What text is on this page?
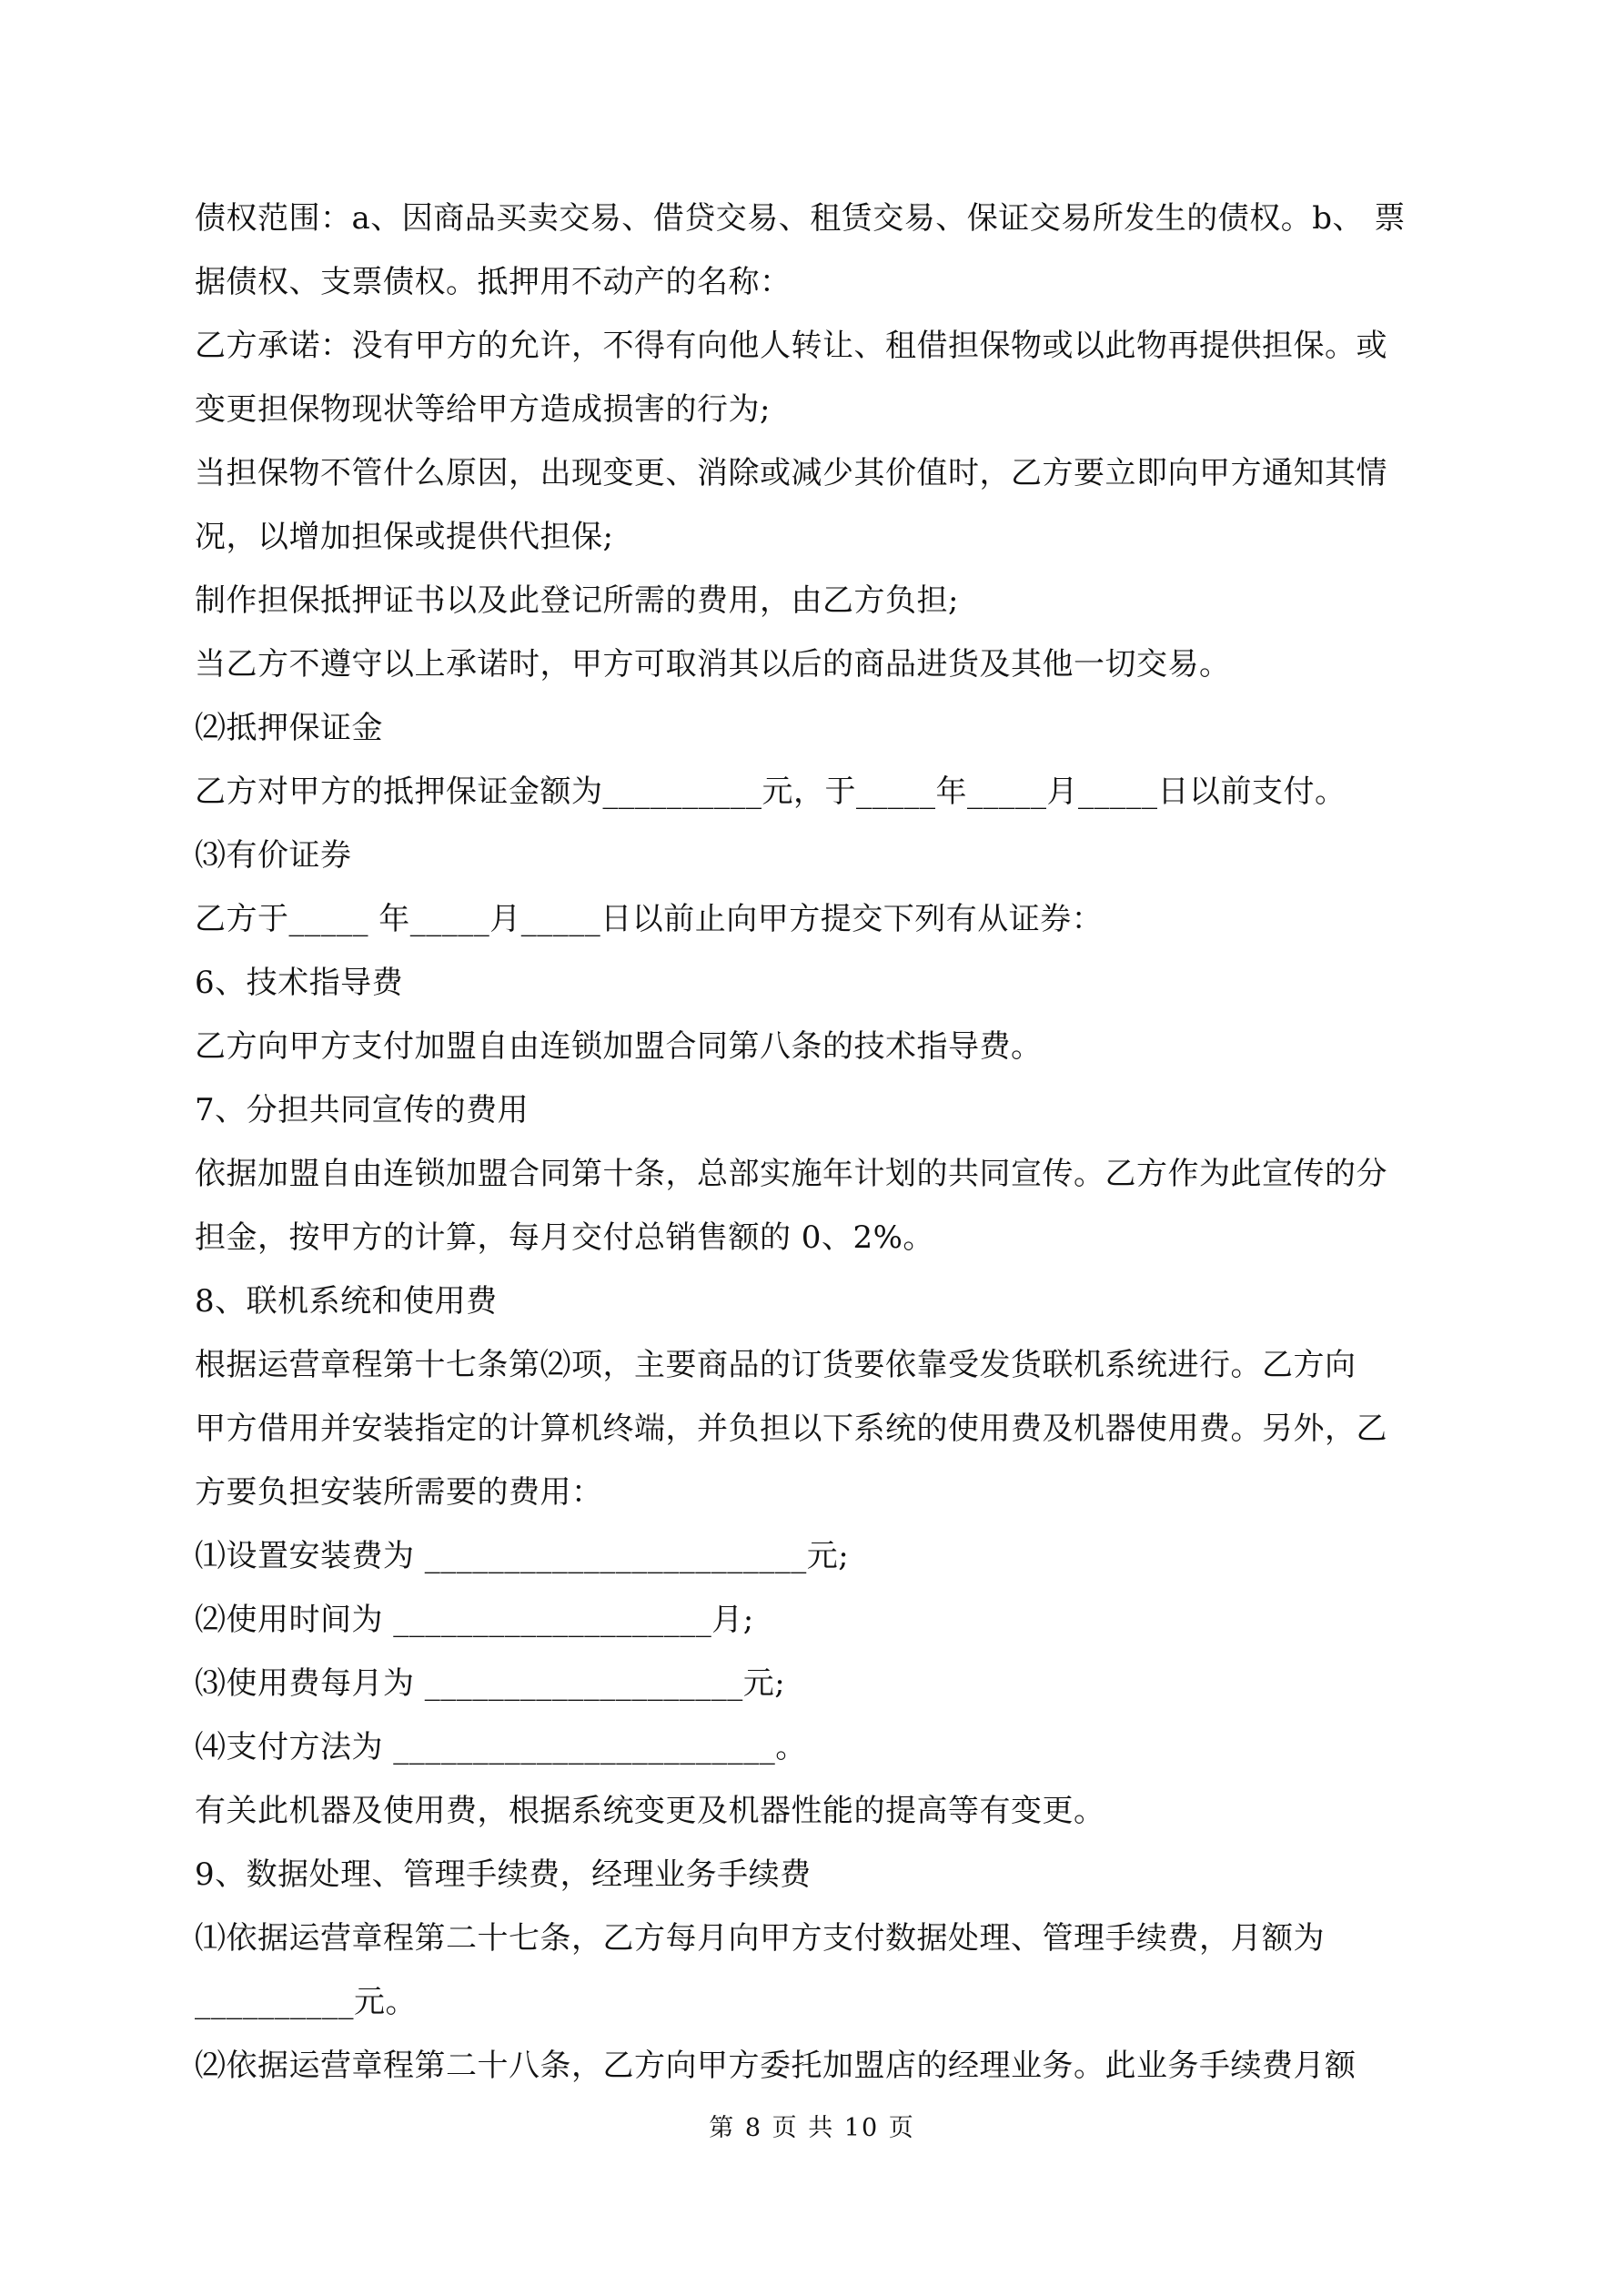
债权范围：a、因商品买卖交易、借贷交易、租赁交易、保证交易所发生的债权。b、 票
据债权、支票债权。抵押用不动产的名称：
乙方承诺：没有甲方的允许，不得有向他人转让、租借担保物或以此物再提供担保。或
变更担保物现状等给甲方造成损害的行为;
当担保物不管什么原因，出现变更、消除或减少其价值时，乙方要立即向甲方通知其情
况，以增加担保或提供代担保;
制作担保抵押证书以及此登记所需的费用，由乙方负担;
当乙方不遵守以上承诺时，甲方可取消其以后的商品进货及其他一切交易。
⑵抵押保证金
乙方对甲方的抵押保证金额为__________元，于_____年_____月_____日以前支付。
⑶有价证券
乙方于_____ 年_____月_____日以前止向甲方提交下列有从证券：
6、技术指导费
乙方向甲方支付加盟自由连锁加盟合同第八条的技术指导费。
7、分担共同宣传的费用
依据加盟自由连锁加盟合同第十条，总部实施年计划的共同宣传。乙方作为此宣传的分
担金，按甲方的计算，每月交付总销售额的 0、2%。
8、联机系统和使用费
根据运营章程第十七条第⑵项，主要商品的订货要依靠受发货联机系统进行。乙方向
甲方借用并安装指定的计算机终端，并负担以下系统的使用费及机器使用费。另外，乙
方要负担安装所需要的费用：
⑴设置安装费为 ________________________元;
⑵使用时间为 ____________________月;
⑶使用费每月为 ____________________元;
⑷支付方法为 ________________________。
有关此机器及使用费，根据系统变更及机器性能的提高等有变更。
9、数据处理、管理手续费，经理业务手续费
⑴依据运营章程第二十七条，乙方每月向甲方支付数据处理、管理手续费，月额为
__________元。
⑵依据运营章程第二十八条，乙方向甲方委托加盟店的经理业务。此业务手续费月额
第 8 页 共 10 页
